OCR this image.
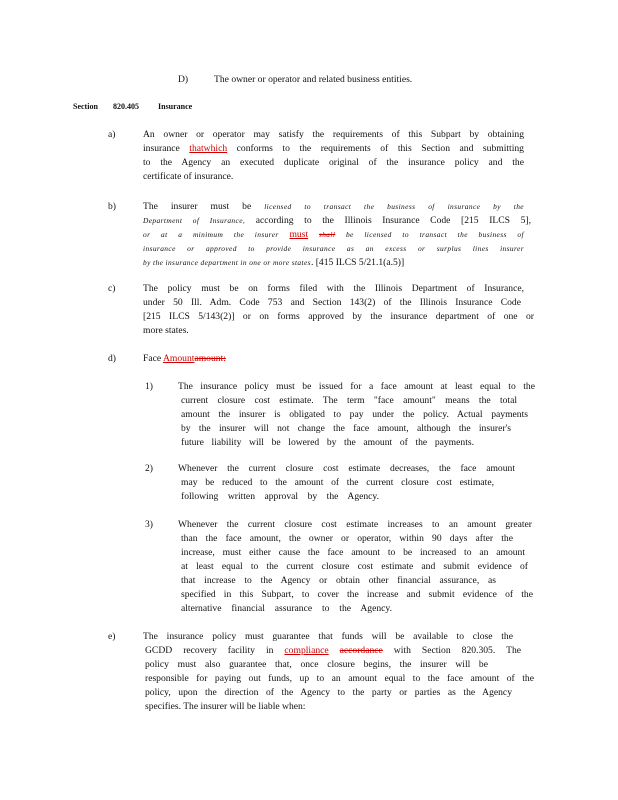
D)	The owner or operator and related business entities.
Section 820.405 Insurance
a)	An owner or operator may satisfy the requirements of this Subpart by obtaining
insurance thatwhich conforms to the requirements of this Section and submitting
to the Agency an executed duplicate original of the insurance policy and the
certificate of insurance.
b)	The insurer must be licensed to transact the business of insurance by the
Department of Insurance, according to the Illinois Insurance Code [215 ILCS 5],
or at a minimum the insurer must shall be licensed to transact the business of
insurance or approved to provide insurance as an excess or surplus lines insurer
by the insurance department in one or more states. [415 ILCS 5/21.1(a.5)]
c)	The policy must be on forms filed with the Illinois Department of Insurance,
under 50 Ill. Adm. Code 753 and Section 143(2) of the Illinois Insurance Code
[215 ILCS 5/143(2)] or on forms approved by the insurance department of one or
more states.
d)	Face Amountamount:
1)	The insurance policy must be issued for a face amount at least equal to the
current closure cost estimate. The term "face amount" means the total
amount the insurer is obligated to pay under the policy. Actual payments
by the insurer will not change the face amount, although the insurer's
future liability will be lowered by the amount of the payments.
2)	Whenever the current closure cost estimate decreases, the face amount
may be reduced to the amount of the current closure cost estimate,
following written approval by the Agency.
3)	Whenever the current closure cost estimate increases to an amount greater
than the face amount, the owner or operator, within 90 days after the
increase, must either cause the face amount to be increased to an amount
at least equal to the current closure cost estimate and submit evidence of
that increase to the Agency or obtain other financial assurance, as
specified in this Subpart, to cover the increase and submit evidence of the
alternative financial assurance to the Agency.
e)	The insurance policy must guarantee that funds will be available to close the
GCDD recovery facility in compliance accordance with Section 820.305. The
policy must also guarantee that, once closure begins, the insurer will be
responsible for paying out funds, up to an amount equal to the face amount of the
policy, upon the direction of the Agency to the party or parties as the Agency
specifies. The insurer will be liable when:
